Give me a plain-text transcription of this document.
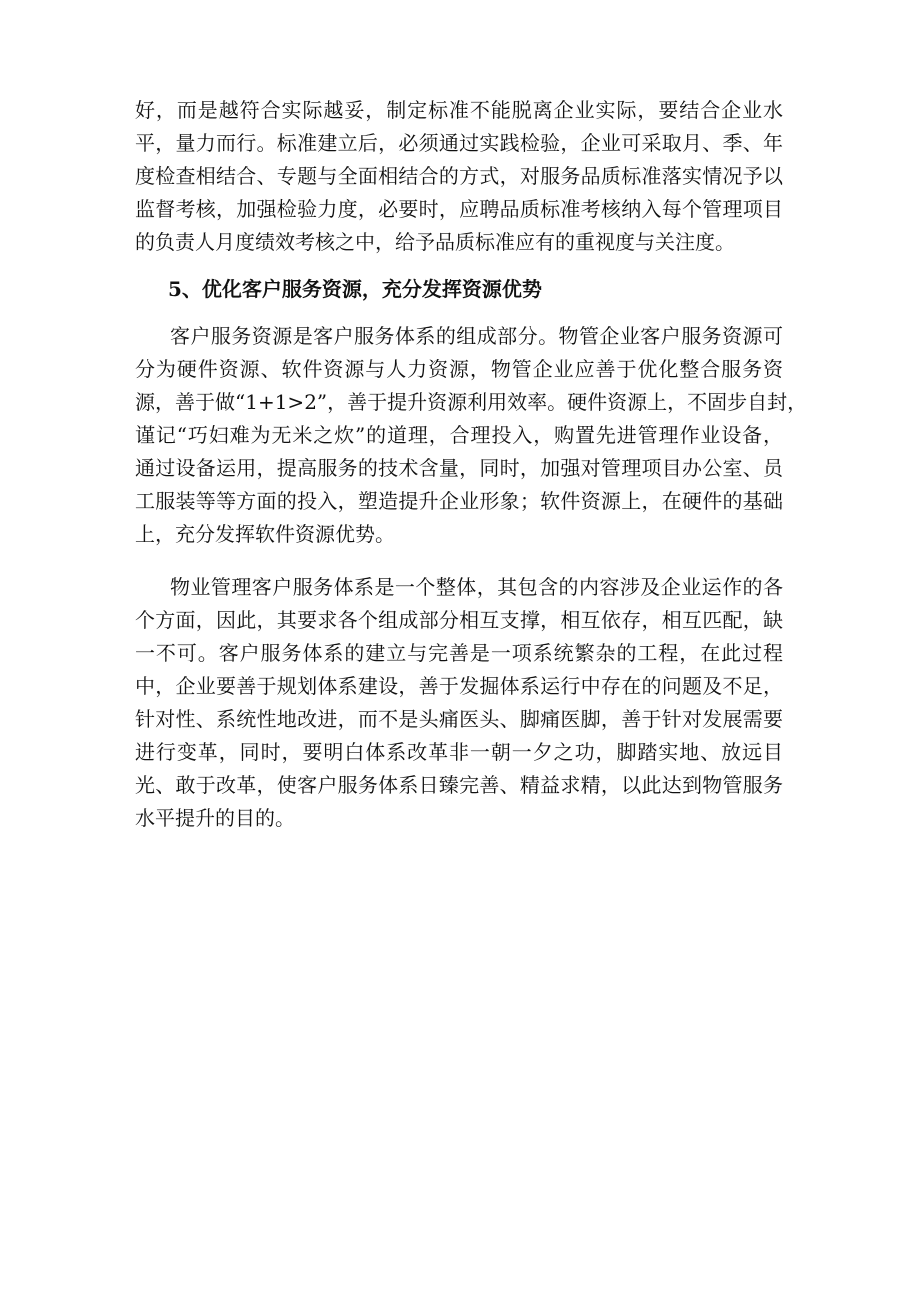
好，而是越符合实际越妥，制定标准不能脱离企业实际，要结合企业水
平，量力而行。标准建立后，必须通过实践检验，企业可采取月、季、年
度检查相结合、专题与全面相结合的方式，对服务品质标准落实情况予以
监督考核，加强检验力度，必要时，应聘品质标准考核纳入每个管理项目
的负责人月度绩效考核之中，给予品质标准应有的重视度与关注度。
5、优化客户服务资源，充分发挥资源优势
客户服务资源是客户服务体系的组成部分。物管企业客户服务资源可
分为硬件资源、软件资源与人力资源，物管企业应善于优化整合服务资
源，善于做“1+1>2”，善于提升资源利用效率。硬件资源上，不固步自封，
谨记“巧妇难为无米之炊”的道理，合理投入，购置先进管理作业设备，
通过设备运用，提高服务的技术含量，同时，加强对管理项目办公室、员
工服装等等方面的投入，塑造提升企业形象；软件资源上，在硬件的基础
上，充分发挥软件资源优势。
物业管理客户服务体系是一个整体，其包含的内容涉及企业运作的各
个方面，因此，其要求各个组成部分相互支撑，相互依存，相互匹配，缺
一不可。客户服务体系的建立与完善是一项系统繁杂的工程，在此过程
中，企业要善于规划体系建设，善于发掘体系运行中存在的问题及不足，
针对性、系统性地改进，而不是头痛医头、脚痛医脚，善于针对发展需要
进行变革，同时，要明白体系改革非一朝一夕之功，脚踏实地、放远目
光、敢于改革，使客户服务体系日臻完善、精益求精，以此达到物管服务
水平提升的目的。
